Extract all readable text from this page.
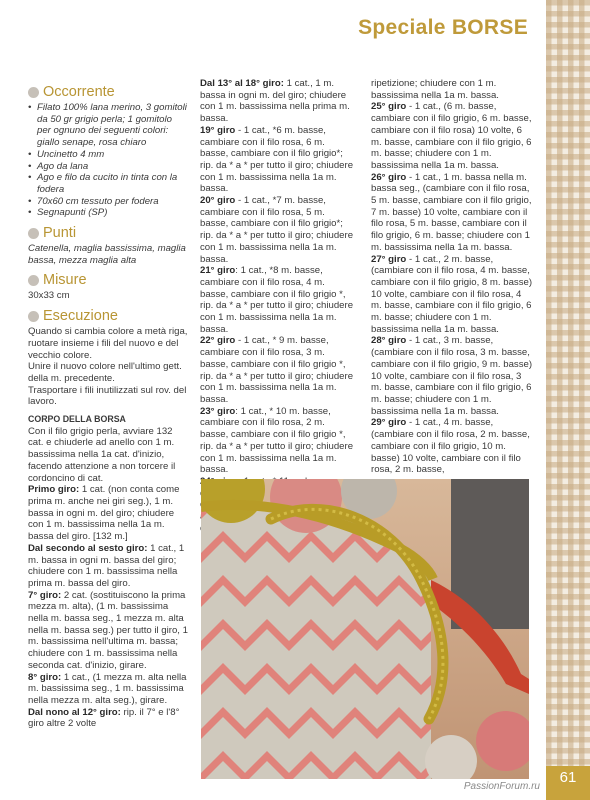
Speciale BORSE
Occorrente
• Filato 100% lana merino, 3 gomitoli da 50 gr grigio perla; 1 gomitolo per ognuno dei seguenti colori: giallo senape, rosa chiaro
• Uncinetto 4 mm
• Ago da lana
• Ago e filo da cucito in tinta con la fodera
• 70x60 cm tessuto per fodera
• Segnapunti (SP)
Punti

Catenella, maglia bassissima, maglia bassa, mezza maglia alta

Misure

30x33 cm

Esecuzione

Quando si cambia colore a metà riga, ruotare insieme i fili del nuovo e del vecchio colore.

Unire il nuovo colore nell'ultimo gett. della m. precedente.

Trasportare i fili inutilizzati sul rov. del lavoro.

CORPO DELLA BORSA

Con il filo grigio perla, avviare 132 cat. e chiuderle ad anello con 1 m. bassissima nella 1a cat. d'inizio, facendo attenzione a non torcere il cordoncino di cat.

Primo giro: 1 cat. (non conta come prima m. anche nei giri seg.), 1 m. bassa in ogni m. del giro; chiudere con 1 m. bassissima nella 1a m. bassa del giro. [132 m.]

Dal secondo al sesto giro: 1 cat., 1 m. bassa in ogni m. bassa del giro; chiudere con 1 m. bassissima nella prima m. bassa del giro.

7° giro: 2 cat. (sostituiscono la prima mezza m. alta), (1 m. bassissima nella m. bassa seg., 1 mezza m. alta nella m. bassa seg.) per tutto il giro, 1 m. bassissima nell'ultima m. bassa; chiudere con 1 m. bassissima nella seconda cat. d'inizio, girare.

8° giro: 1 cat., (1 mezza m. alta nella m. bassissima seg., 1 m. bassissima nella mezza m. alta seg.), girare.

Dal nono al 12° giro: rip. il 7° e l'8° giro altre 2 volte

Dal 13° al 18° giro: 1 cat., 1 m. bassa in ogni m. del giro; chiudere con 1 m. bassissima nella prima m. bassa.

19° giro - 1 cat., *6 m. basse, cambiare con il filo rosa, 6 m. basse, cambiare con il filo grigio*; rip. da * a * per tutto il giro; chiudere con 1 m. bassissima nella 1a m. bassa.

20° giro - 1 cat., *7 m. basse, cambiare con il filo rosa, 5 m. basse, cambiare con il filo grigio*; rip. da * a * per tutto il giro; chiudere con 1 m. bassissima nella 1a m. bassa.

21° giro: 1 cat., *8 m. basse, cambiare con il filo rosa, 4 m. basse, cambiare con il filo grigio *, rip. da * a * per tutto il giro; chiudere con 1 m. bassissima nella 1a m. bassa.

22° giro - 1 cat., * 9 m. basse, cambiare con il filo rosa, 3 m. basse, cambiare con il filo grigio *, rip. da * a * per tutto il giro; chiudere con 1 m. bassissima nella 1a m. bassa.

23° giro: 1 cat., * 10 m. basse, cambiare con il filo rosa, 2 m. basse, cambiare con il filo grigio *, rip. da * a * per tutto il giro; chiudere con 1 m. bassissima nella 1a m. bassa.

ripetizione; chiudere con 1 m. bassissima nella 1a m. bassa.

25° giro - 1 cat., (6 m. basse, cambiare con il filo grigio, 6 m. basse, cambiare con il filo rosa) 10 volte, 6 m. basse, cambiare con il filo grigio, 6 m. basse; chiudere con 1 m. bassissima nella 1a m. bassa.

26° giro - 1 cat., 1 m. bassa nella m. bassa seg., (cambiare con il filo rosa, 5 m. basse, cambiare con il filo grigio, 7 m. basse) 10 volte, cambiare con il filo rosa, 5 m. basse, cambiare con il filo grigio, 6 m. basse; chiudere con 1 m. bassissima nella 1a m. bassa.

27° giro - 1 cat., 2 m. basse, (cambiare con il filo rosa, 4 m. basse, cambiare con il filo grigio, 8 m. basse) 10 volte, cambiare con il filo rosa, 4 m. basse, cambiare con il filo grigio, 6 m. basse; chiudere con 1 m. bassissima nella 1a m. bassa.

28° giro - 1 cat., 3 m. basse, (cambiare con il filo rosa, 3 m. basse, cambiare con il filo grigio, 9 m. basse) 10 volte, cambiare con il filo rosa, 3 m. basse, cambiare con il filo grigio, 6 m. basse; chiudere con 1 m. bassissima nella 1a m. bassa.

29° giro - 1 cat., 4 m. basse, (cambiare con il filo rosa, 2 m. basse, cambiare con il filo grigio, 10 m. basse) 10 volte, cambiare con il filo rosa, 2 m. basse,

PassionForum.ru
61
